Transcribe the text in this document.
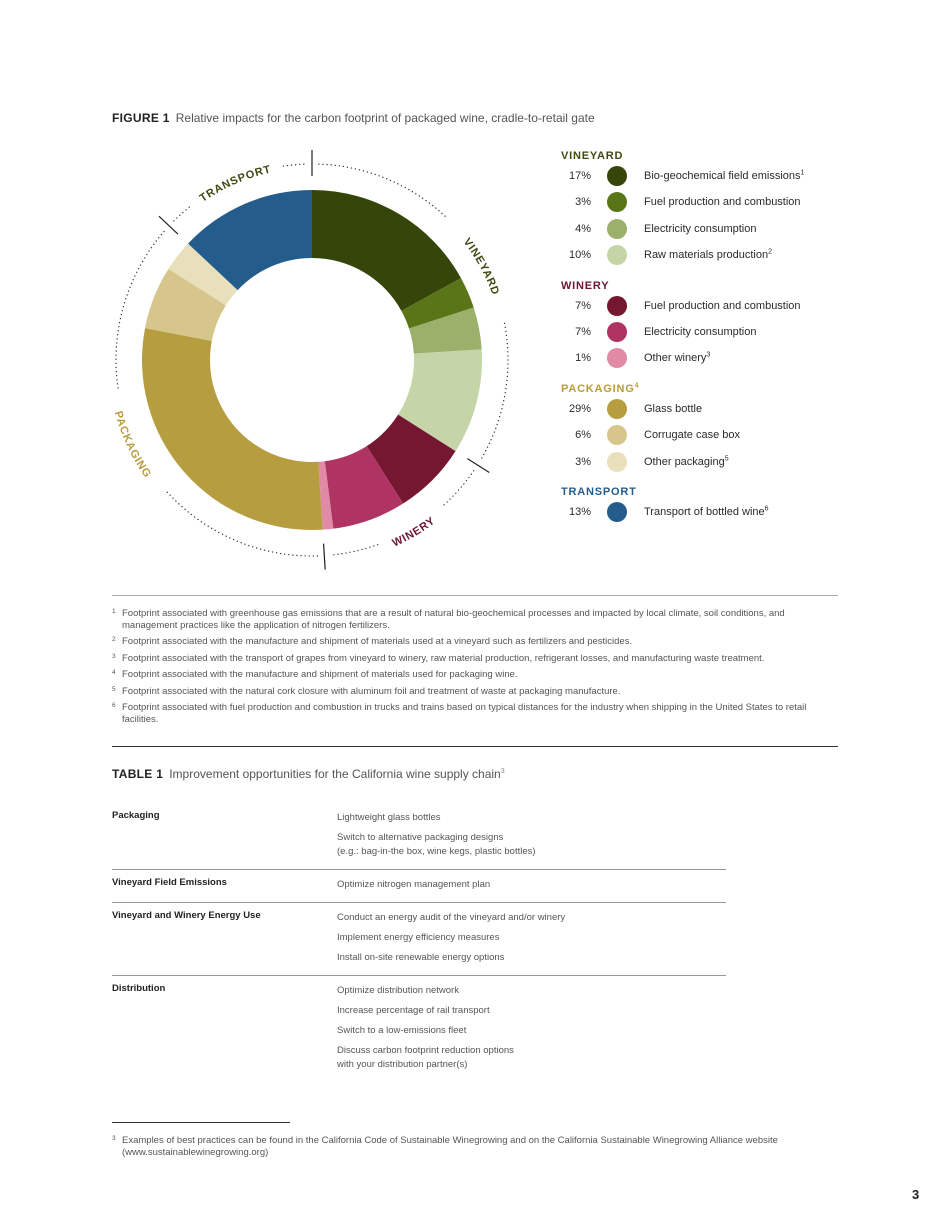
FIGURE 1 Relative impacts for the carbon footprint of packaged wine, cradle-to-retail gate
VINEYARD
WINERY
PACKAGING
TRANSPORT
VINEYARD
17%	Bio-geochemical field emissions$^1$
3%	Fuel production and combustion
4%	Electricity consumption
10%	Raw materials production$^2$
WINERY
7%	Fuel production and combustion
7%	Electricity consumption
1%	Other winery$^3$
PACKAGING$^4$
29%	Glass bottle
6%	Corrugate case box
3%	Other packaging$^5$
TRANSPORT
13%	Transport of bottled wine$^6$
1 Footprint associated with greenhouse gas emissions that are a result of natural bio-geochemical processes and impacted by local climate, soil conditions, and management practices like the application of nitrogen fertilizers.
2 Footprint associated with the manufacture and shipment of materials used at a vineyard such as fertilizers and pesticides.
3 Footprint associated with the transport of grapes from vineyard to winery, raw material production, refrigerant losses, and manufacturing waste treatment.
4 Footprint associated with the manufacture and shipment of materials used for packaging wine.
5 Footprint associated with the natural cork closure with aluminum foil and treatment of waste at packaging manufacture.
6 Footprint associated with fuel production and combustion in trucks and trains based on typical distances for the industry when shipping in the United States to retail facilities.
TABLE 1 Improvement opportunities for the California wine supply chain$^3$
Packaging	Lightweight glass bottles
Switch to alternative packaging designs
(e.g.: bag-in-the box, wine kegs, plastic bottles)
Vineyard Field Emissions	Optimize nitrogen management plan
Vineyard and Winery Energy Use	Conduct an energy audit of the vineyard and/or winery
Implement energy efficiency measures
Install on-site renewable energy options
Distribution	Optimize distribution network
Increase percentage of rail transport
Switch to a low-emissions fleet
Discuss carbon footprint reduction options
with your distribution partner(s)
3 Examples of best practices can be found in the California Code of Sustainable Winegrowing and on the California Sustainable Winegrowing Alliance website (www.sustainablewinegrowing.org)
3
